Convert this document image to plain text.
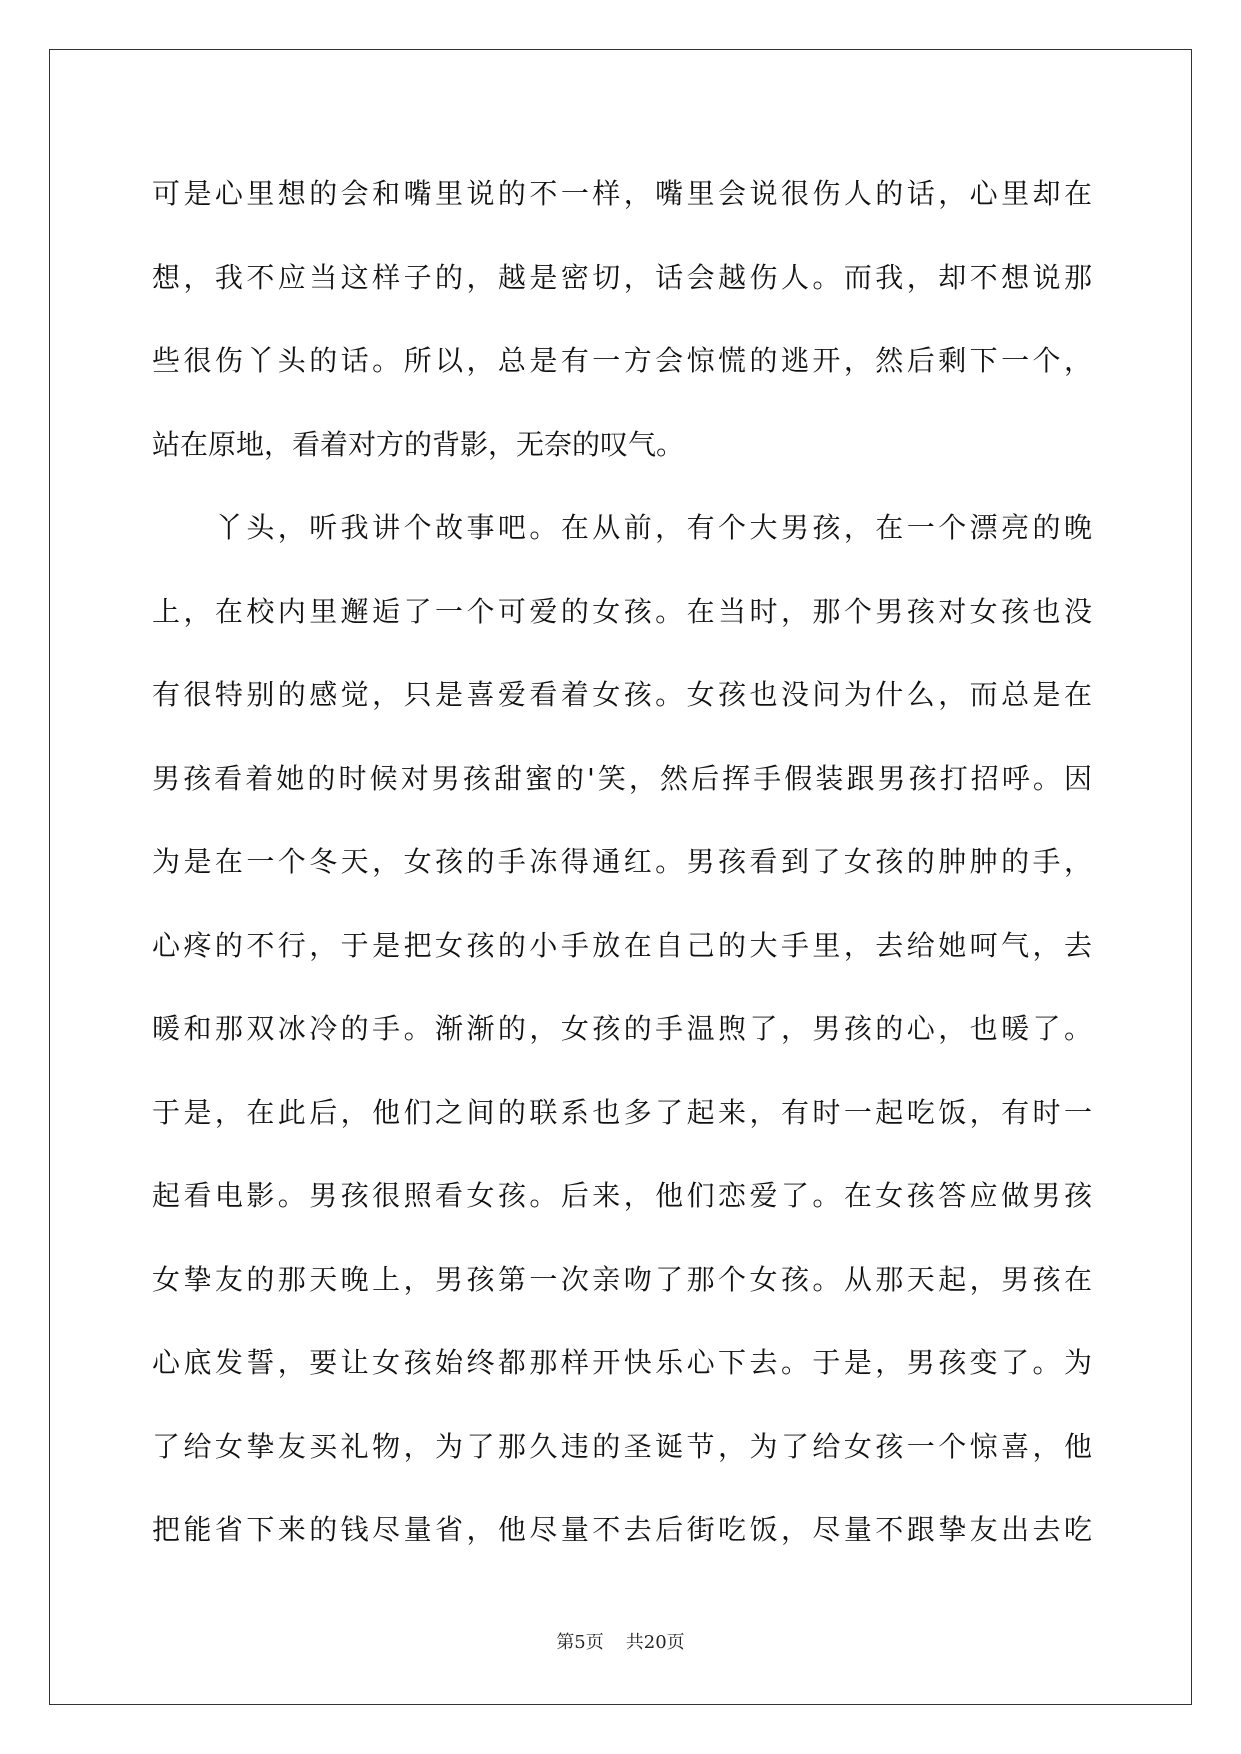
可是心里想的会和嘴里说的不一样，嘴里会说很伤人的话，心里却在
想，我不应当这样子的，越是密切，话会越伤人。而我，却不想说那
些很伤丫头的话。所以，总是有一方会惊慌的逃开，然后剩下一个，
站在原地，看着对方的背影，无奈的叹气。
　　丫头，听我讲个故事吧。在从前，有个大男孩，在一个漂亮的晚
上，在校内里邂逅了一个可爱的女孩。在当时，那个男孩对女孩也没
有很特别的感觉，只是喜爱看着女孩。女孩也没问为什么，而总是在
男孩看着她的时候对男孩甜蜜的'笑，然后挥手假装跟男孩打招呼。因
为是在一个冬天，女孩的手冻得通红。男孩看到了女孩的肿肿的手，
心疼的不行，于是把女孩的小手放在自己的大手里，去给她呵气，去
暖和那双冰冷的手。渐渐的，女孩的手温煦了，男孩的心，也暖了。
于是，在此后，他们之间的联系也多了起来，有时一起吃饭，有时一
起看电影。男孩很照看女孩。后来，他们恋爱了。在女孩答应做男孩
女挚友的那天晚上，男孩第一次亲吻了那个女孩。从那天起，男孩在
心底发誓，要让女孩始终都那样开快乐心下去。于是，男孩变了。为
了给女挚友买礼物，为了那久违的圣诞节，为了给女孩一个惊喜，他
把能省下来的钱尽量省，他尽量不去后街吃饭，尽量不跟挚友出去吃
第5页 共20页
